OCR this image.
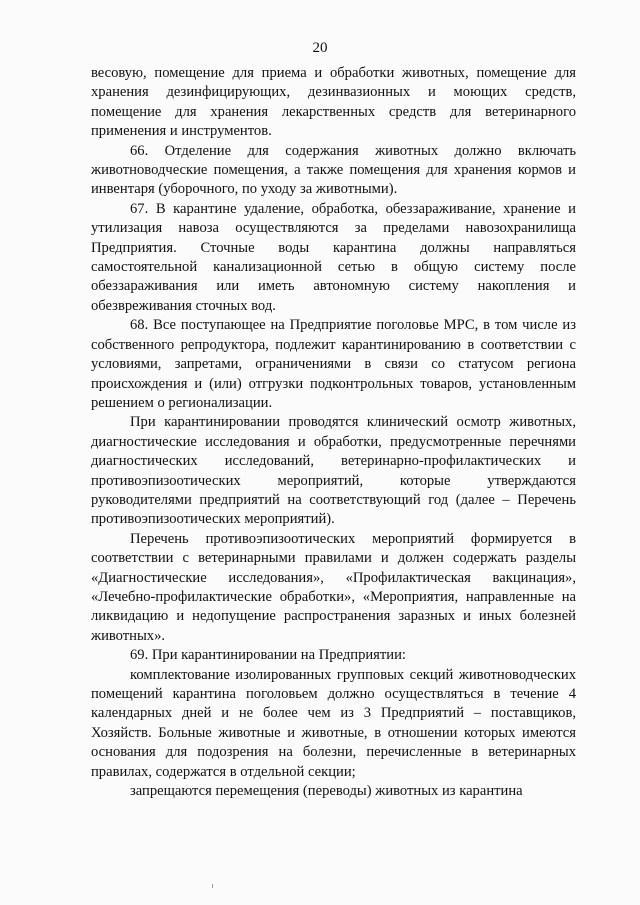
20

весовую, помещение для приема и обработки животных, помещение для хранения дезинфицирующих, дезинвазионных и моющих средств, помещение для хранения лекарственных средств для ветеринарного применения и инструментов.

66. Отделение для содержания животных должно включать животноводческие помещения, а также помещения для хранения кормов и инвентаря (уборочного, по уходу за животными).

67. В карантине удаление, обработка, обеззараживание, хранение и утилизация навоза осуществляются за пределами навозохранилища Предприятия. Сточные воды карантина должны направляться самостоятельной канализационной сетью в общую систему после обеззараживания или иметь автономную систему накопления и обезвреживания сточных вод.

68. Все поступающее на Предприятие поголовье МРС, в том числе из собственного репродуктора, подлежит карантинированию в соответствии с условиями, запретами, ограничениями в связи со статусом региона происхождения и (или) отгрузки подконтрольных товаров, установленным решением о регионализации.

При карантинировании проводятся клинический осмотр животных, диагностические исследования и обработки, предусмотренные перечнями диагностических исследований, ветеринарно-профилактических и противоэпизоотических мероприятий, которые утверждаются руководителями предприятий на соответствующий год (далее – Перечень противоэпизоотических мероприятий).

Перечень противоэпизоотических мероприятий формируется в соответствии с ветеринарными правилами и должен содержать разделы «Диагностические исследования», «Профилактическая вакцинация», «Лечебно-профилактические обработки», «Мероприятия, направленные на ликвидацию и недопущение распространения заразных и иных болезней животных».

69. При карантинировании на Предприятии:

комплектование изолированных групповых секций животноводческих помещений карантина поголовьем должно осуществляться в течение 4 календарных дней и не более чем из 3 Предприятий – поставщиков, Хозяйств. Больные животные и животные, в отношении которых имеются основания для подозрения на болезни, перечисленные в ветеринарных правилах, содержатся в отдельной секции;

запрещаются перемещения (переводы) животных из карантина
